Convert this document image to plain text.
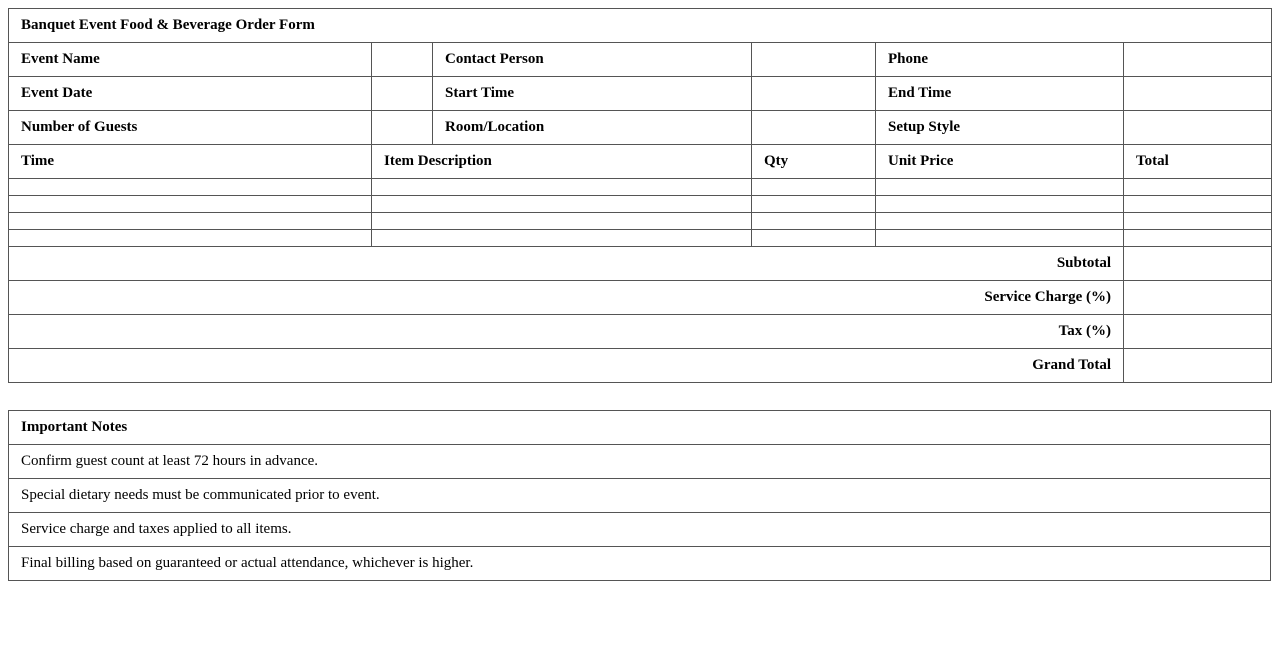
Banquet Event Food & Beverage Order Form					
Event Name		Contact Person		Phone	
Event Date		Start Time		End Time	
Number of Guests		Room/Location		Setup Style	
Time	Item Description		Qty	Unit Price	Total

Subtotal					
Service Charge (%)					
Tax (%)					
Grand Total					
Important Notes
Confirm guest count at least 72 hours in advance.
Special dietary needs must be communicated prior to event.
Service charge and taxes applied to all items.
Final billing based on guaranteed or actual attendance, whichever is higher.
